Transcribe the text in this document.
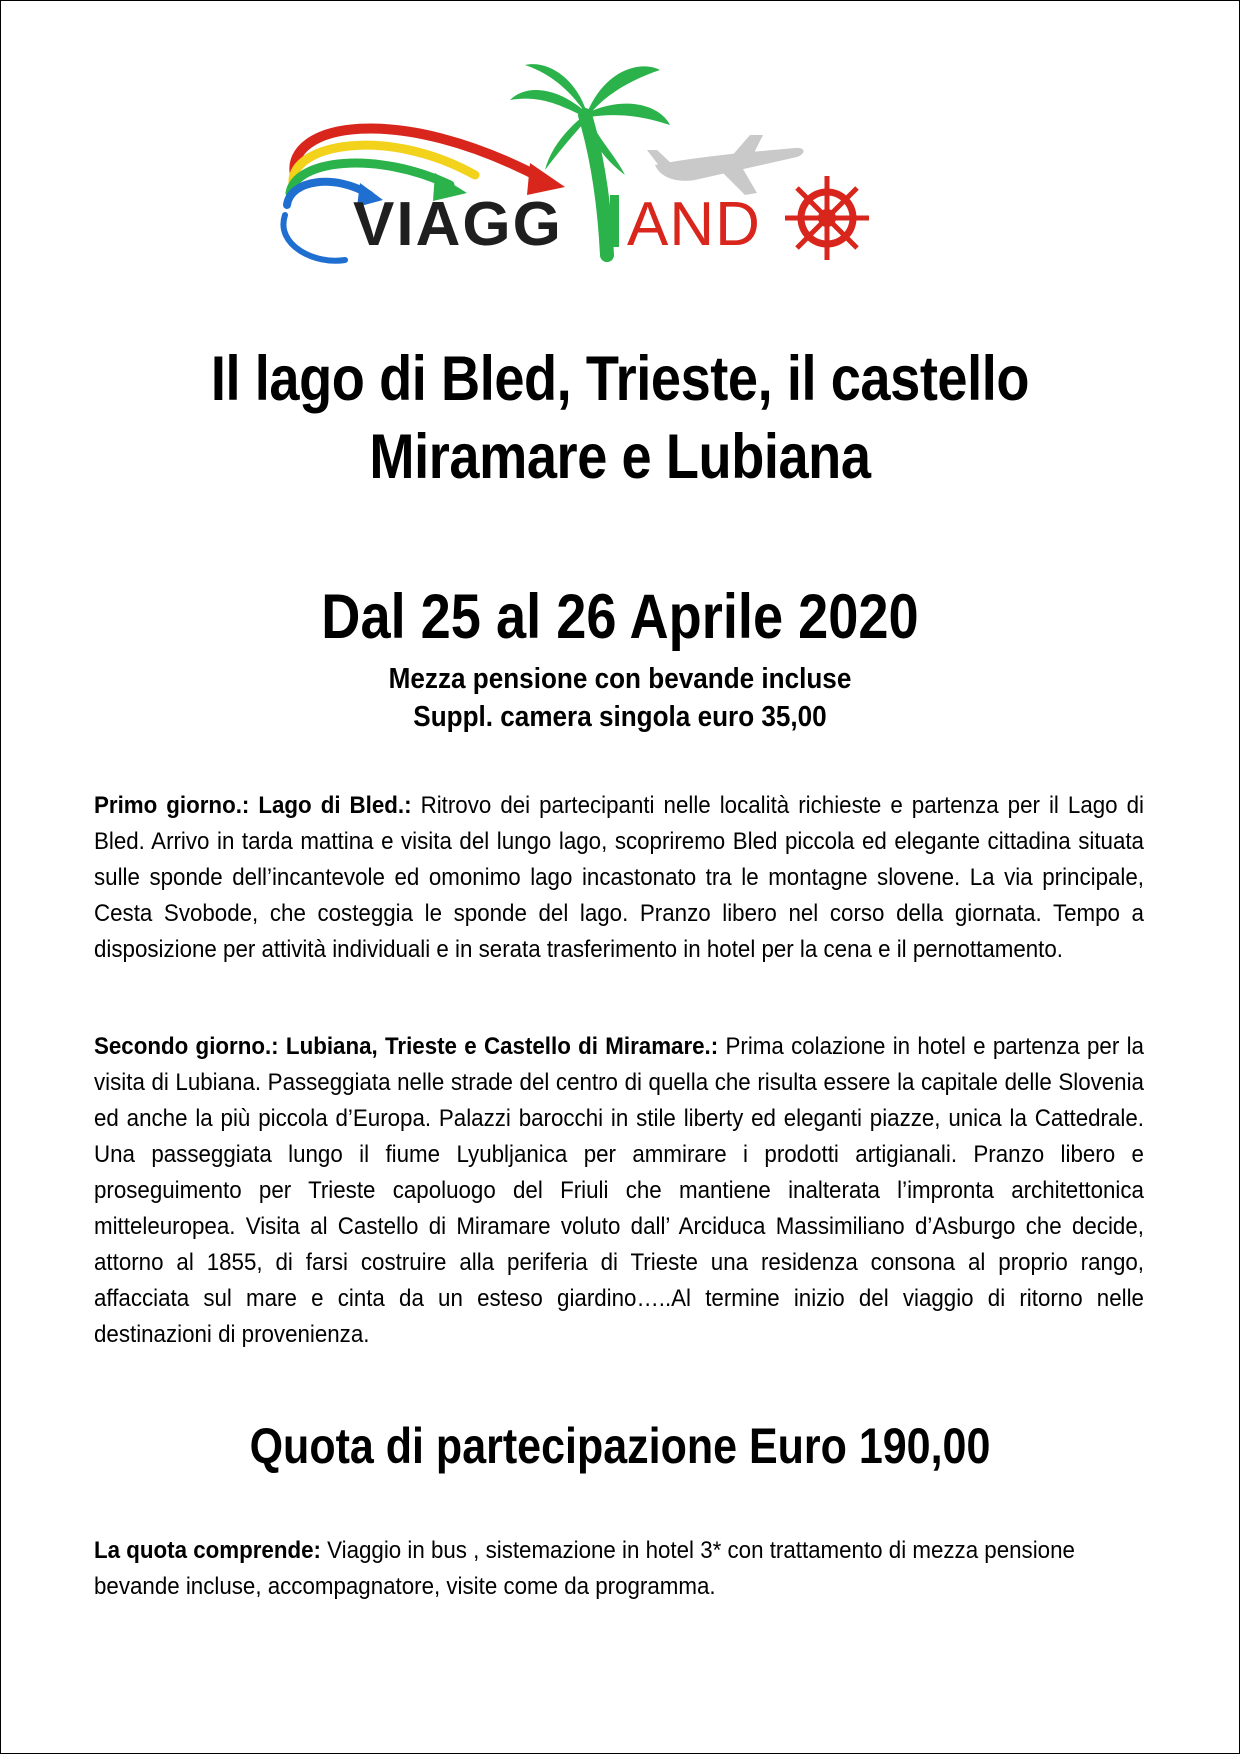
VIAGG AND
Il lago di Bled, Trieste, il castello
Miramare e Lubiana
Dal 25 al 26 Aprile 2020
Mezza pensione con bevande incluse
Suppl. camera singola euro 35,00
Primo giorno.: Lago di Bled.: Ritrovo dei partecipanti nelle località richieste e partenza per il Lago di Bled. Arrivo in tarda mattina e visita del lungo lago, scopriremo Bled piccola ed elegante cittadina situata sulle sponde dell’incantevole ed omonimo lago incastonato tra le montagne slovene. La via principale, Cesta Svobode, che costeggia le sponde del lago. Pranzo libero nel corso della giornata. Tempo a disposizione per attività individuali e in serata trasferimento in hotel per la cena e il pernottamento.
Secondo giorno.: Lubiana, Trieste e Castello di Miramare.: Prima colazione in hotel e partenza per la visita di Lubiana. Passeggiata nelle strade del centro di quella che risulta essere la capitale delle Slovenia ed anche la più piccola d’Europa. Palazzi barocchi in stile liberty ed eleganti piazze, unica la Cattedrale. Una passeggiata lungo il fiume Lyubljanica per ammirare i prodotti artigianali. Pranzo libero e proseguimento per Trieste capoluogo del Friuli che mantiene inalterata l’impronta architettonica mitteleuropea. Visita al Castello di Miramare voluto dall’ Arciduca Massimiliano d’Asburgo che decide, attorno al 1855, di farsi costruire alla periferia di Trieste una residenza consona al proprio rango, affacciata sul mare e cinta da un esteso giardino…..Al termine inizio del viaggio di ritorno nelle destinazioni di provenienza.
Quota di partecipazione Euro 190,00
La quota comprende: Viaggio in bus , sistemazione in hotel 3* con trattamento di mezza pensione bevande incluse, accompagnatore, visite come da programma.
